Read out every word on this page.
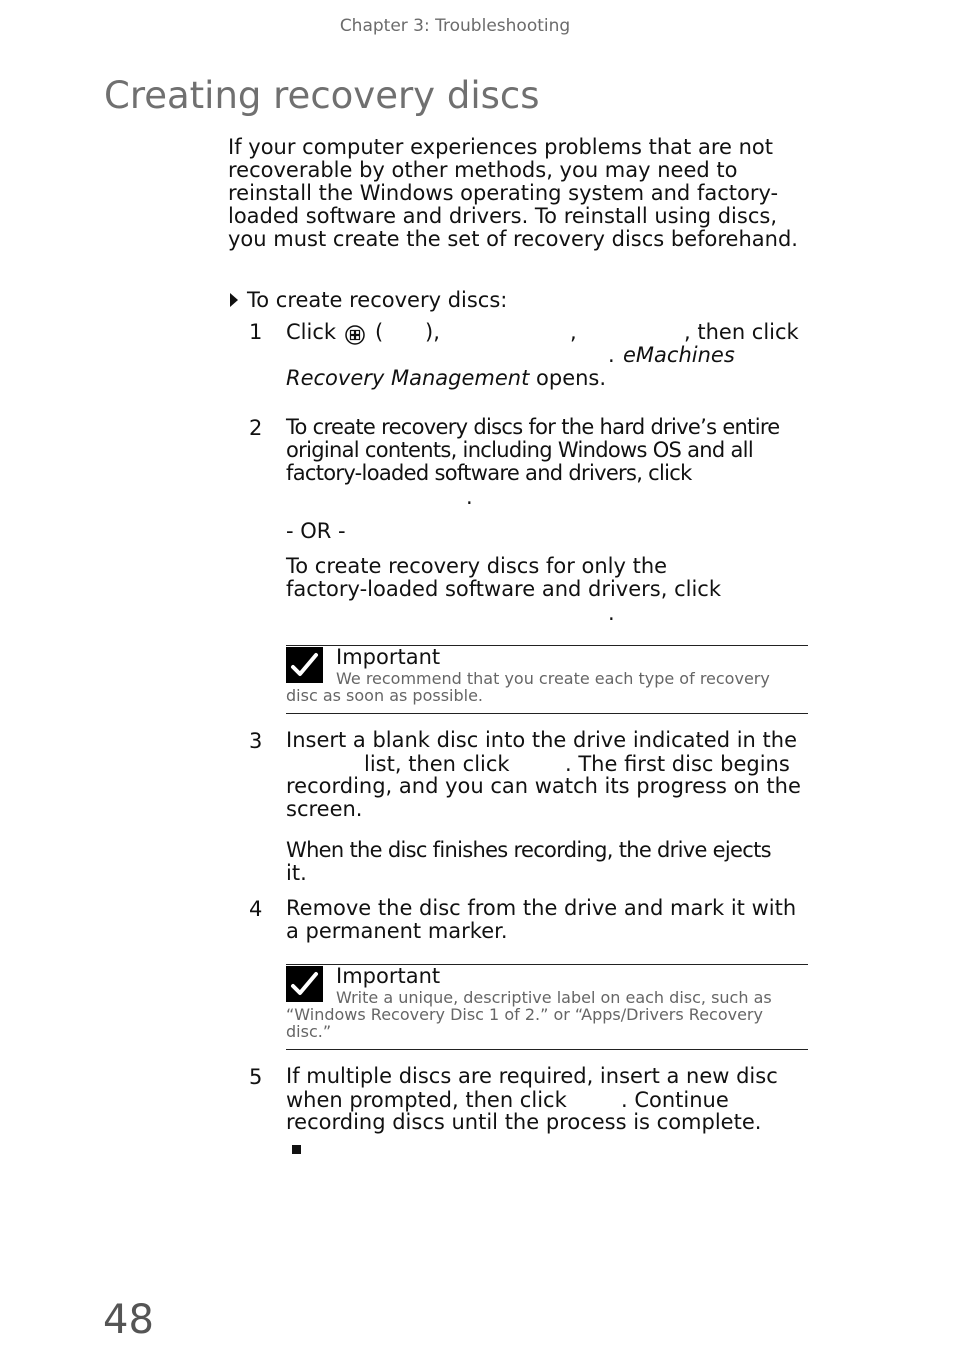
Chapter 3: Troubleshooting
Creating recovery discs
If your computer experiences problems that are not recoverable by other methods, you may need to reinstall the Windows operating system and factory-loaded software and drivers. To reinstall using discs, you must create the set of recovery discs beforehand.
To create recovery discs:
1 Click ( ),	,	, then click
. eMachines
Recovery Management opens.
2 To create recovery discs for the hard drive’s entire
original contents, including Windows OS and all
factory-loaded software and drivers, click
.
- OR -
To create recovery discs for only the
factory-loaded software and drivers, click
.
Important
We recommend that you create each type of recovery
disc as soon as possible.
3 Insert a blank disc into the drive indicated in the
list, then click	. The first disc begins
recording, and you can watch its progress on the
screen.
When the disc finishes recording, the drive ejects
it.
4 Remove the disc from the drive and mark it with
a permanent marker.
Important
Write a unique, descriptive label on each disc, such as
“Windows Recovery Disc 1 of 2.” or “Apps/Drivers Recovery
disc.”
5 If multiple discs are required, insert a new disc
when prompted, then click	. Continue
recording discs until the process is complete.
48
